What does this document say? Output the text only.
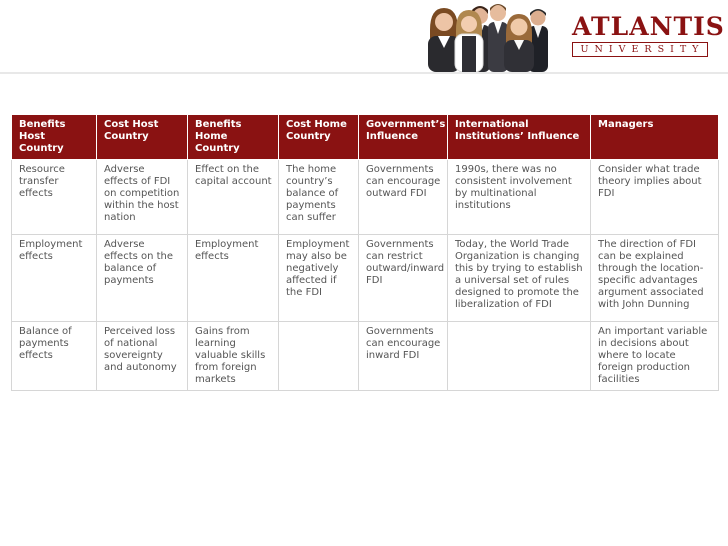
ATLANTIS
UNIVERSITY
Benefits Host Country	Cost Host Country	Benefits Home Country	Cost Home Country	Government’s Influence	International Institutions’ Influence	Managers
Resource transfer effects	Adverse effects of FDI on competition within the host nation	Effect on the capital account	The home country’s balance of payments can suffer	Governments can encourage outward FDI	1990s, there was no consistent involvement by multinational institutions	Consider what trade theory implies about FDI
Employment effects	Adverse effects on the balance of payments	Employment effects	Employment may also be negatively affected if the FDI	Governments can restrict outward/inward FDI	Today, the World Trade Organization is changing this by trying to establish a universal set of rules designed to promote the liberalization of FDI	The direction of FDI can be explained through the location-specific advantages argument associated with John Dunning
Balance of payments effects	Perceived loss of national sovereignty and autonomy	Gains from learning valuable skills from foreign markets		Governments can encourage inward FDI		An important variable in decisions about where to locate foreign production facilities
